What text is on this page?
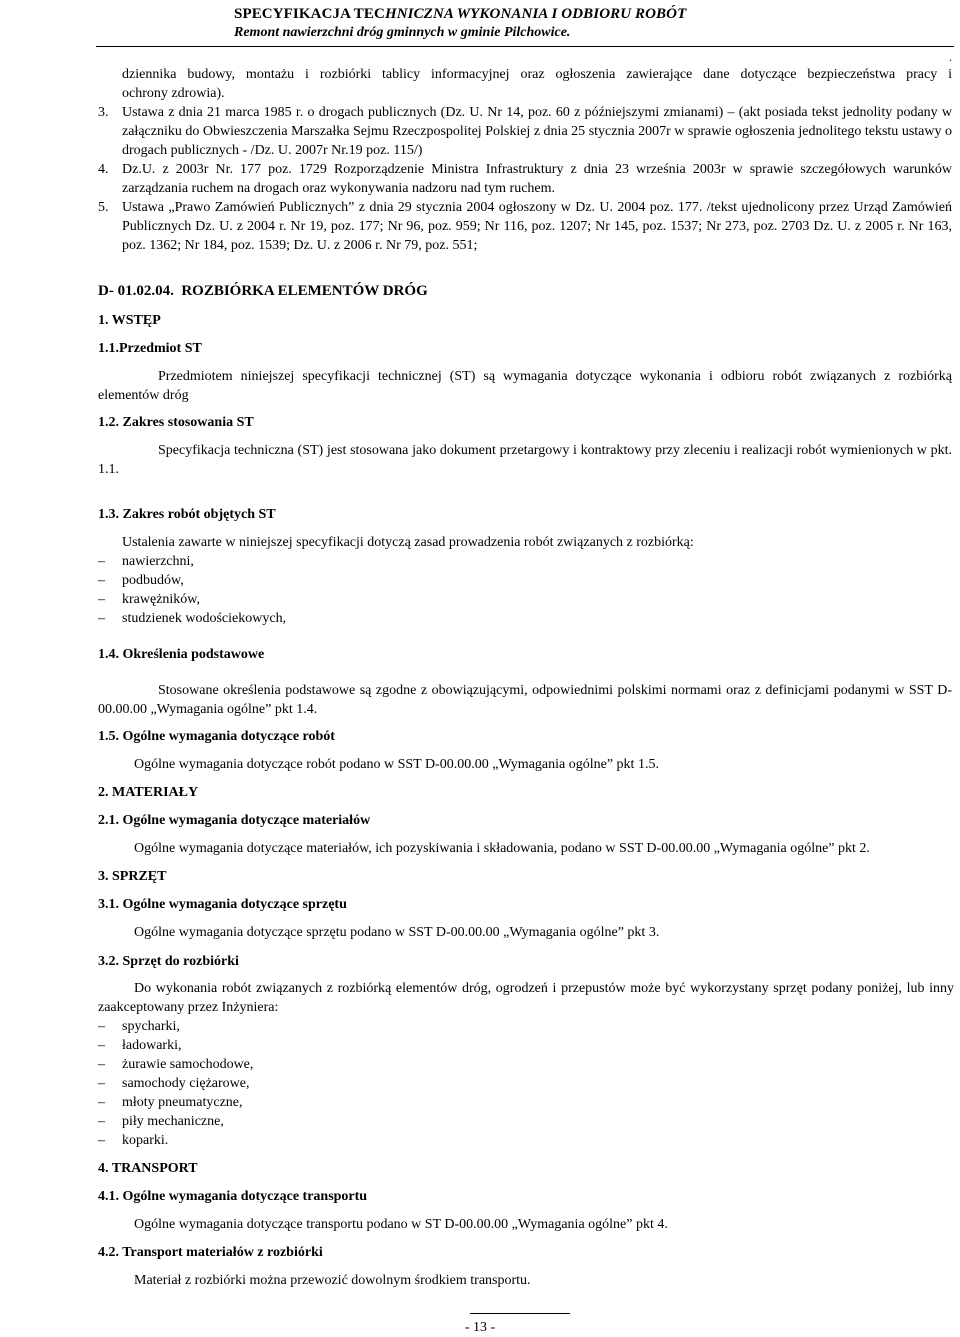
SPECYFIKACJA TECHNICZNA WYKONANIA I ODBIORU ROBÓT
Remont nawierzchni dróg gminnych w gminie Pilchowice.
.

dziennika budowy, montażu i rozbiórki tablicy informacyjnej oraz ogłoszenia zawierające dane dotyczące bezpieczeństwa pracy i

ochrony zdrowia).

3. Ustawa z dnia 21 marca 1985 r. o drogach publicznych (Dz. U. Nr 14, poz. 60 z późniejszymi zmianami) – (akt posiada tekst jednolity podany w załączniku do Obwieszczenia Marszałka Sejmu Rzeczpospolitej Polskiej z dnia 25 stycznia 2007r w sprawie ogłoszenia jednolitego tekstu ustawy o drogach publicznych - /Dz. U. 2007r Nr.19 poz. 115/)

4. Dz.U. z 2003r Nr. 177 poz. 1729 Rozporządzenie Ministra Infrastruktury z dnia 23 września 2003r w sprawie szczegółowych warunków zarządzania ruchem na drogach oraz wykonywania nadzoru nad tym ruchem.

5. Ustawa „Prawo Zamówień Publicznych” z dnia 29 stycznia 2004 ogłoszony w Dz. U. 2004 poz. 177. /tekst ujednolicony przez Urząd Zamówień Publicznych Dz. U. z 2004 r. Nr 19, poz. 177; Nr 96, poz. 959; Nr 116, poz. 1207; Nr 145, poz. 1537; Nr 273, poz. 2703 Dz. U. z 2005 r. Nr 163, poz. 1362; Nr 184, poz. 1539; Dz. U. z 2006 r. Nr 79, poz. 551;

D- 01.02.04. ROZBIÓRKA ELEMENTÓW DRÓG
1. WSTĘP
1.1.Przedmiot ST

Przedmiotem niniejszej specyfikacji technicznej (ST) są wymagania dotyczące wykonania i odbioru robót związanych z rozbiórką elementów dróg

1.2. Zakres stosowania ST

Specyfikacja techniczna (ST) jest stosowana jako dokument przetargowy i kontraktowy przy zleceniu i realizacji robót wymienionych w pkt. 1.1.

1.3. Zakres robót objętych ST

Ustalenia zawarte w niniejszej specyfikacji dotyczą zasad prowadzenia robót związanych z rozbiórką:

– nawierzchni,
– podbudów,
– krawężników,
– studzienek wodościekowych,
1.4. Określenia podstawowe

Stosowane określenia podstawowe są zgodne z obowiązującymi, odpowiednimi polskimi normami oraz z definicjami podanymi w SST D-00.00.00 „Wymagania ogólne” pkt 1.4.

1.5. Ogólne wymagania dotyczące robót

Ogólne wymagania dotyczące robót podano w SST D-00.00.00 „Wymagania ogólne” pkt 1.5.

2. MATERIAŁY
2.1. Ogólne wymagania dotyczące materiałów

Ogólne wymagania dotyczące materiałów, ich pozyskiwania i składowania, podano w SST D-00.00.00 „Wymagania ogólne” pkt 2.

3. SPRZĘT
3.1. Ogólne wymagania dotyczące sprzętu

Ogólne wymagania dotyczące sprzętu podano w SST D-00.00.00 „Wymagania ogólne” pkt 3.

3.2. Sprzęt do rozbiórki

Do wykonania robót związanych z rozbiórką elementów dróg, ogrodzeń i przepustów może być wykorzystany sprzęt podany poniżej, lub inny zaakceptowany przez Inżyniera:

– spycharki,
– ładowarki,
– żurawie samochodowe,
– samochody ciężarowe,
– młoty pneumatyczne,
– piły mechaniczne,
– koparki.
4. TRANSPORT
4.1. Ogólne wymagania dotyczące transportu

Ogólne wymagania dotyczące transportu podano w ST D-00.00.00 „Wymagania ogólne” pkt 4.

4.2. Transport materiałów z rozbiórki

Materiał z rozbiórki można przewozić dowolnym środkiem transportu.

- 13 -
